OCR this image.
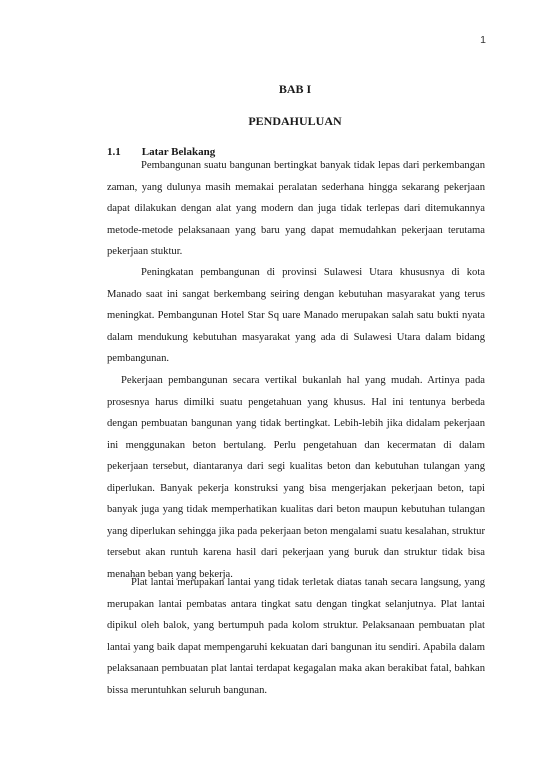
1
BAB I
PENDAHULUAN
1.1 Latar Belakang

Pembangunan suatu bangunan bertingkat banyak tidak lepas dari perkembangan zaman, yang dulunya masih memakai peralatan sederhana hingga sekarang pekerjaan dapat dilakukan dengan alat yang modern dan juga tidak terlepas dari ditemukannya metode-metode pelaksanaan yang baru yang dapat memudahkan pekerjaan terutama pekerjaan stuktur.

Peningkatan pembangunan di provinsi Sulawesi Utara khususnya di kota Manado saat ini sangat berkembang seiring dengan kebutuhan masyarakat yang terus meningkat. Pembangunan Hotel Star Sq uare Manado merupakan salah satu bukti nyata dalam mendukung kebutuhan masyarakat yang ada di Sulawesi Utara dalam bidang pembangunan.

Pekerjaan pembangunan secara vertikal bukanlah hal yang mudah. Artinya pada prosesnya harus dimilki suatu pengetahuan yang khusus. Hal ini tentunya berbeda dengan pembuatan bangunan yang tidak bertingkat. Lebih-lebih jika didalam pekerjaan ini menggunakan beton bertulang. Perlu pengetahuan dan kecermatan di dalam pekerjaan tersebut, diantaranya dari segi kualitas beton dan kebutuhan tulangan yang diperlukan. Banyak pekerja konstruksi yang bisa mengerjakan pekerjaan beton, tapi banyak juga yang tidak memperhatikan kualitas dari beton maupun kebutuhan tulangan yang diperlukan sehingga jika pada pekerjaan beton mengalami suatu kesalahan, struktur tersebut akan runtuh karena hasil dari pekerjaan yang buruk dan struktur tidak bisa menahan beban yang bekerja.

Plat lantai merupakan lantai yang tidak terletak diatas tanah secara langsung, yang merupakan lantai pembatas antara tingkat satu dengan tingkat selanjutnya. Plat lantai dipikul oleh balok, yang bertumpuh pada kolom struktur. Pelaksanaan pembuatan plat lantai yang baik dapat mempengaruhi kekuatan dari bangunan itu sendiri. Apabila dalam pelaksanaan pembuatan plat lantai terdapat kegagalan maka akan berakibat fatal, bahkan bissa meruntuhkan seluruh bangunan.
